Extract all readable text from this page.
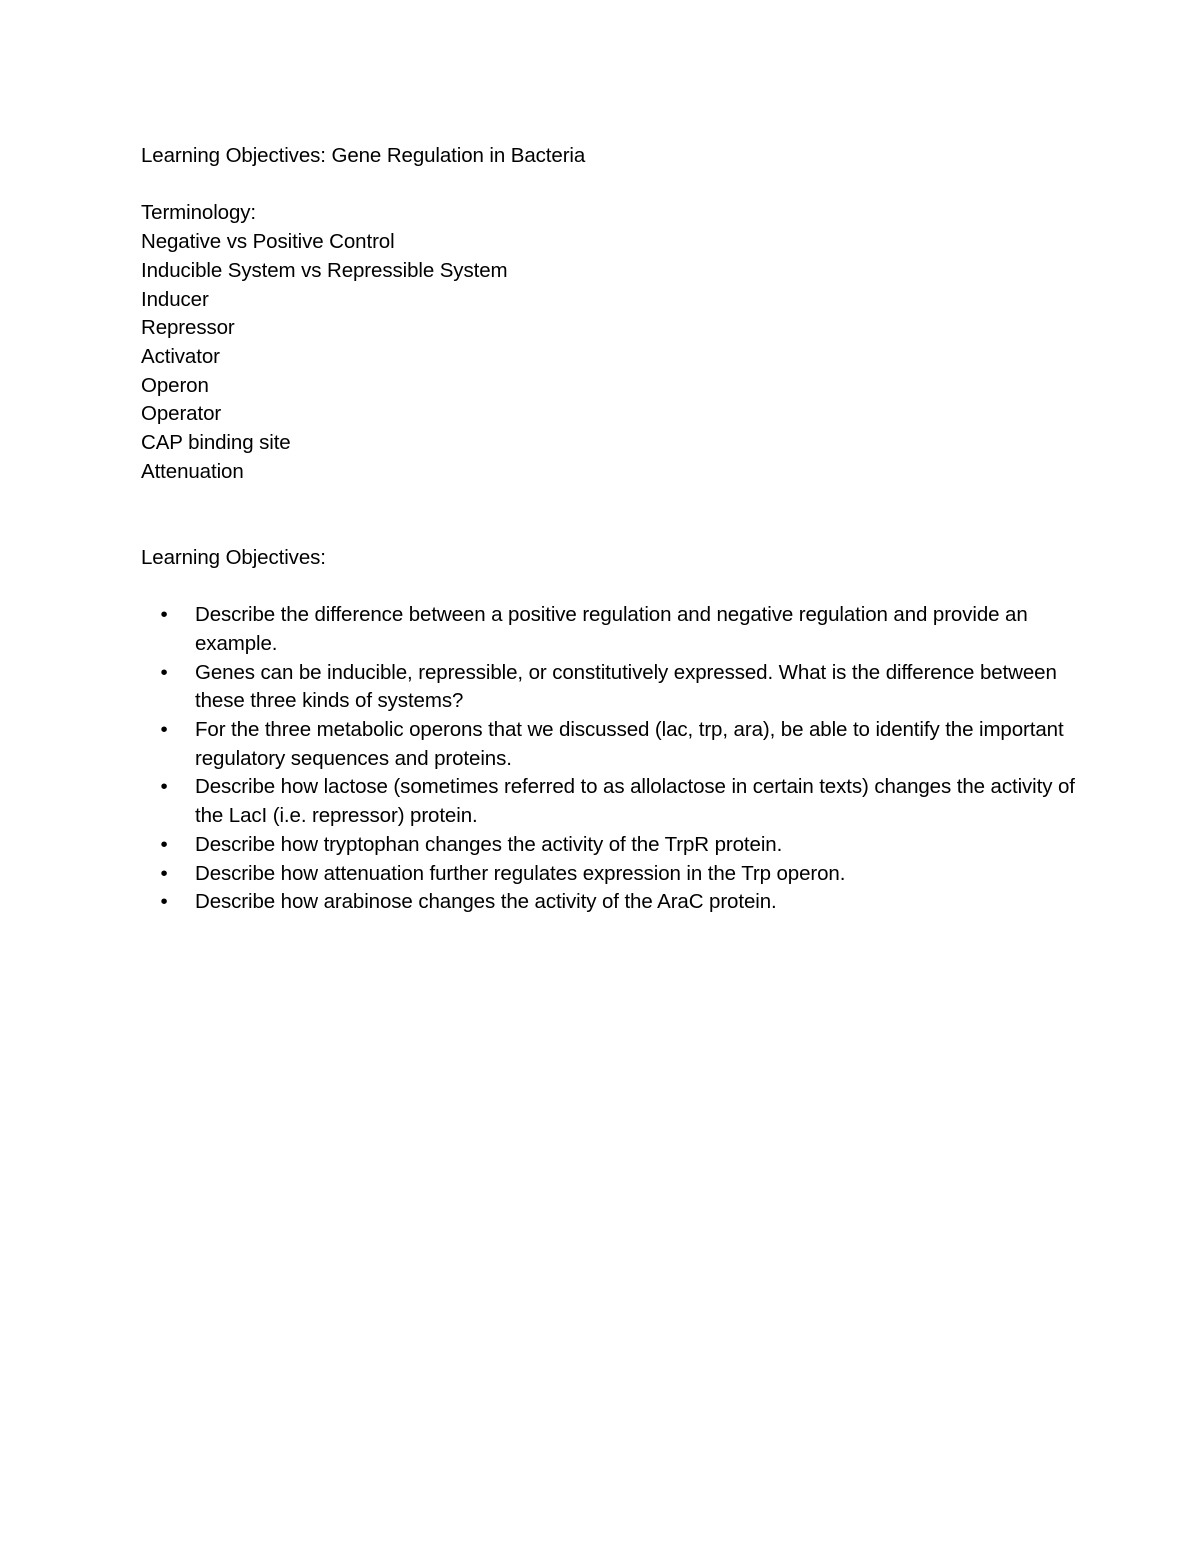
Learning Objectives: Gene Regulation in Bacteria
Terminology:
Negative vs Positive Control
Inducible System vs Repressible System
Inducer
Repressor
Activator
Operon
Operator
CAP binding site
Attenuation
Learning Objectives:
• Describe the difference between a positive regulation and negative regulation and provide an example.
• Genes can be inducible, repressible, or constitutively expressed. What is the difference between these three kinds of systems?
• For the three metabolic operons that we discussed (lac, trp, ara), be able to identify the important regulatory sequences and proteins.
• Describe how lactose (sometimes referred to as allolactose in certain texts) changes the activity of the LacI (i.e. repressor) protein.
• Describe how tryptophan changes the activity of the TrpR protein.
• Describe how attenuation further regulates expression in the Trp operon.
• Describe how arabinose changes the activity of the AraC protein.
